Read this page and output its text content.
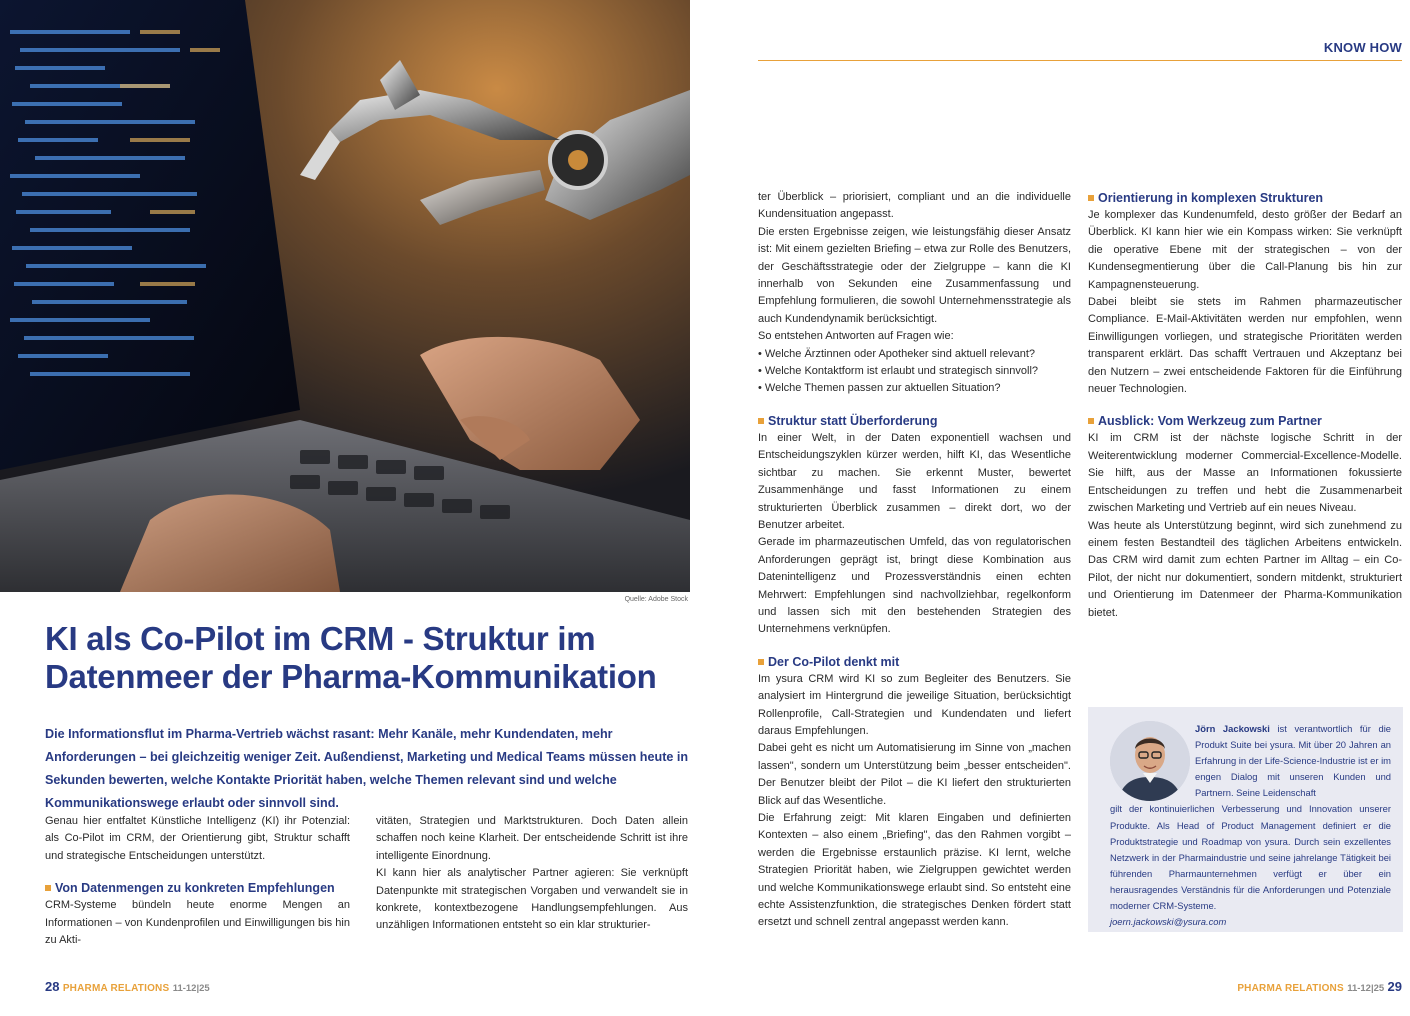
Quelle: Adobe Stock
KI als Co-Pilot im CRM - Struktur im Datenmeer der Pharma-Kommunikation
Die Informationsflut im Pharma-Vertrieb wächst rasant: Mehr Kanäle, mehr Kundendaten, mehr Anforderungen – bei gleichzeitig weniger Zeit. Außendienst, Marketing und Medical Teams müssen heute in Sekunden bewerten, welche Kontakte Priorität haben, welche Themen relevant sind und welche Kommunikationswege erlaubt oder sinnvoll sind.

Genau hier entfaltet Künstliche Intelligenz (KI) ihr Potenzial: als Co-Pilot im CRM, der Orientierung gibt, Struktur schafft und strategische Entscheidungen unterstützt.

Von Datenmengen zu konkreten Empfehlungen

CRM-Systeme bündeln heute enorme Mengen an Informationen – von Kundenprofilen und Einwilligungen bis hin zu Akti-

vitäten, Strategien und Marktstrukturen. Doch Daten allein schaffen noch keine Klarheit. Der entscheidende Schritt ist ihre intelligente Einordnung.

KI kann hier als analytischer Partner agieren: Sie verknüpft Datenpunkte mit strategischen Vorgaben und verwandelt sie in konkrete, kontextbezogene Handlungsempfehlungen. Aus unzähligen Informationen entsteht so ein klar strukturier-

KNOW HOW

ter Überblick – priorisiert, compliant und an die individuelle Kundensituation angepasst.

Die ersten Ergebnisse zeigen, wie leistungsfähig dieser Ansatz ist: Mit einem gezielten Briefing – etwa zur Rolle des Benutzers, der Geschäftsstrategie oder der Zielgruppe – kann die KI innerhalb von Sekunden eine Zusammenfassung und Empfehlung formulieren, die sowohl Unternehmensstrategie als auch Kundendynamik berücksichtigt.

So entstehen Antworten auf Fragen wie:

• Welche Ärztinnen oder Apotheker sind aktuell relevant?
• Welche Kontaktform ist erlaubt und strategisch sinnvoll?
• Welche Themen passen zur aktuellen Situation?
Struktur statt Überforderung

In einer Welt, in der Daten exponentiell wachsen und Entscheidungszyklen kürzer werden, hilft KI, das Wesentliche sichtbar zu machen. Sie erkennt Muster, bewertet Zusammenhänge und fasst Informationen zu einem strukturierten Überblick zusammen – direkt dort, wo der Benutzer arbeitet.

Gerade im pharmazeutischen Umfeld, das von regulatorischen Anforderungen geprägt ist, bringt diese Kombination aus Datenintelligenz und Prozessverständnis einen echten Mehrwert: Empfehlungen sind nachvollziehbar, regelkonform und lassen sich mit den bestehenden Strategien des Unternehmens verknüpfen.

Der Co-Pilot denkt mit

Im ysura CRM wird KI so zum Begleiter des Benutzers. Sie analysiert im Hintergrund die jeweilige Situation, berücksichtigt Rollenprofile, Call-Strategien und Kundendaten und liefert daraus Empfehlungen.

Dabei geht es nicht um Automatisierung im Sinne von „machen lassen", sondern um Unterstützung beim „besser entscheiden". Der Benutzer bleibt der Pilot – die KI liefert den strukturierten Blick auf das Wesentliche.

Die Erfahrung zeigt: Mit klaren Eingaben und definierten Kontexten – also einem „Briefing", das den Rahmen vorgibt – werden die Ergebnisse erstaunlich präzise. KI lernt, welche Strategien Priorität haben, wie Zielgruppen gewichtet werden und welche Kommunikationswege erlaubt sind. So entsteht eine echte Assistenzfunktion, die strategisches Denken fördert statt ersetzt und schnell zentral angepasst werden kann.

Orientierung in komplexen Strukturen

Je komplexer das Kundenumfeld, desto größer der Bedarf an Überblick. KI kann hier wie ein Kompass wirken: Sie verknüpft die operative Ebene mit der strategischen – von der Kundensegmentierung über die Call-Planung bis hin zur Kampagnensteuerung.

Dabei bleibt sie stets im Rahmen pharmazeutischer Compliance. E-Mail-Aktivitäten werden nur empfohlen, wenn Einwilligungen vorliegen, und strategische Prioritäten werden transparent erklärt. Das schafft Vertrauen und Akzeptanz bei den Nutzern – zwei entscheidende Faktoren für die Einführung neuer Technologien.

Ausblick: Vom Werkzeug zum Partner

KI im CRM ist der nächste logische Schritt in der Weiterentwicklung moderner Commercial-Excellence-Modelle. Sie hilft, aus der Masse an Informationen fokussierte Entscheidungen zu treffen und hebt die Zusammenarbeit zwischen Marketing und Vertrieb auf ein neues Niveau.

Was heute als Unterstützung beginnt, wird sich zunehmend zu einem festen Bestandteil des täglichen Arbeitens entwickeln. Das CRM wird damit zum echten Partner im Alltag – ein Co-Pilot, der nicht nur dokumentiert, sondern mitdenkt, strukturiert und Orientierung im Datenmeer der Pharma-Kommunikation bietet.

Jörn Jackowski ist verantwortlich für die Produkt Suite bei ysura. Mit über 20 Jahren an Erfahrung in der Life-Science-Industrie ist er im engen Dialog mit unseren Kunden und Partnern. Seine Leidenschaft
gilt der kontinuierlichen Verbesserung und Innovation unserer Produkte. Als Head of Product Management definiert er die Produktstrategie und Roadmap von ysura. Durch sein exzellentes Netzwerk in der Pharmaindustrie und seine jahrelange Tätigkeit bei führenden Pharmaunternehmen verfügt er über ein herausragendes Verständnis für die Anforderungen und Potenziale moderner CRM-Systeme.
joern.jackowski@ysura.com
28 PHARMA RELATIONS 11-12|25	PHARMA RELATIONS 11-12|25 29
